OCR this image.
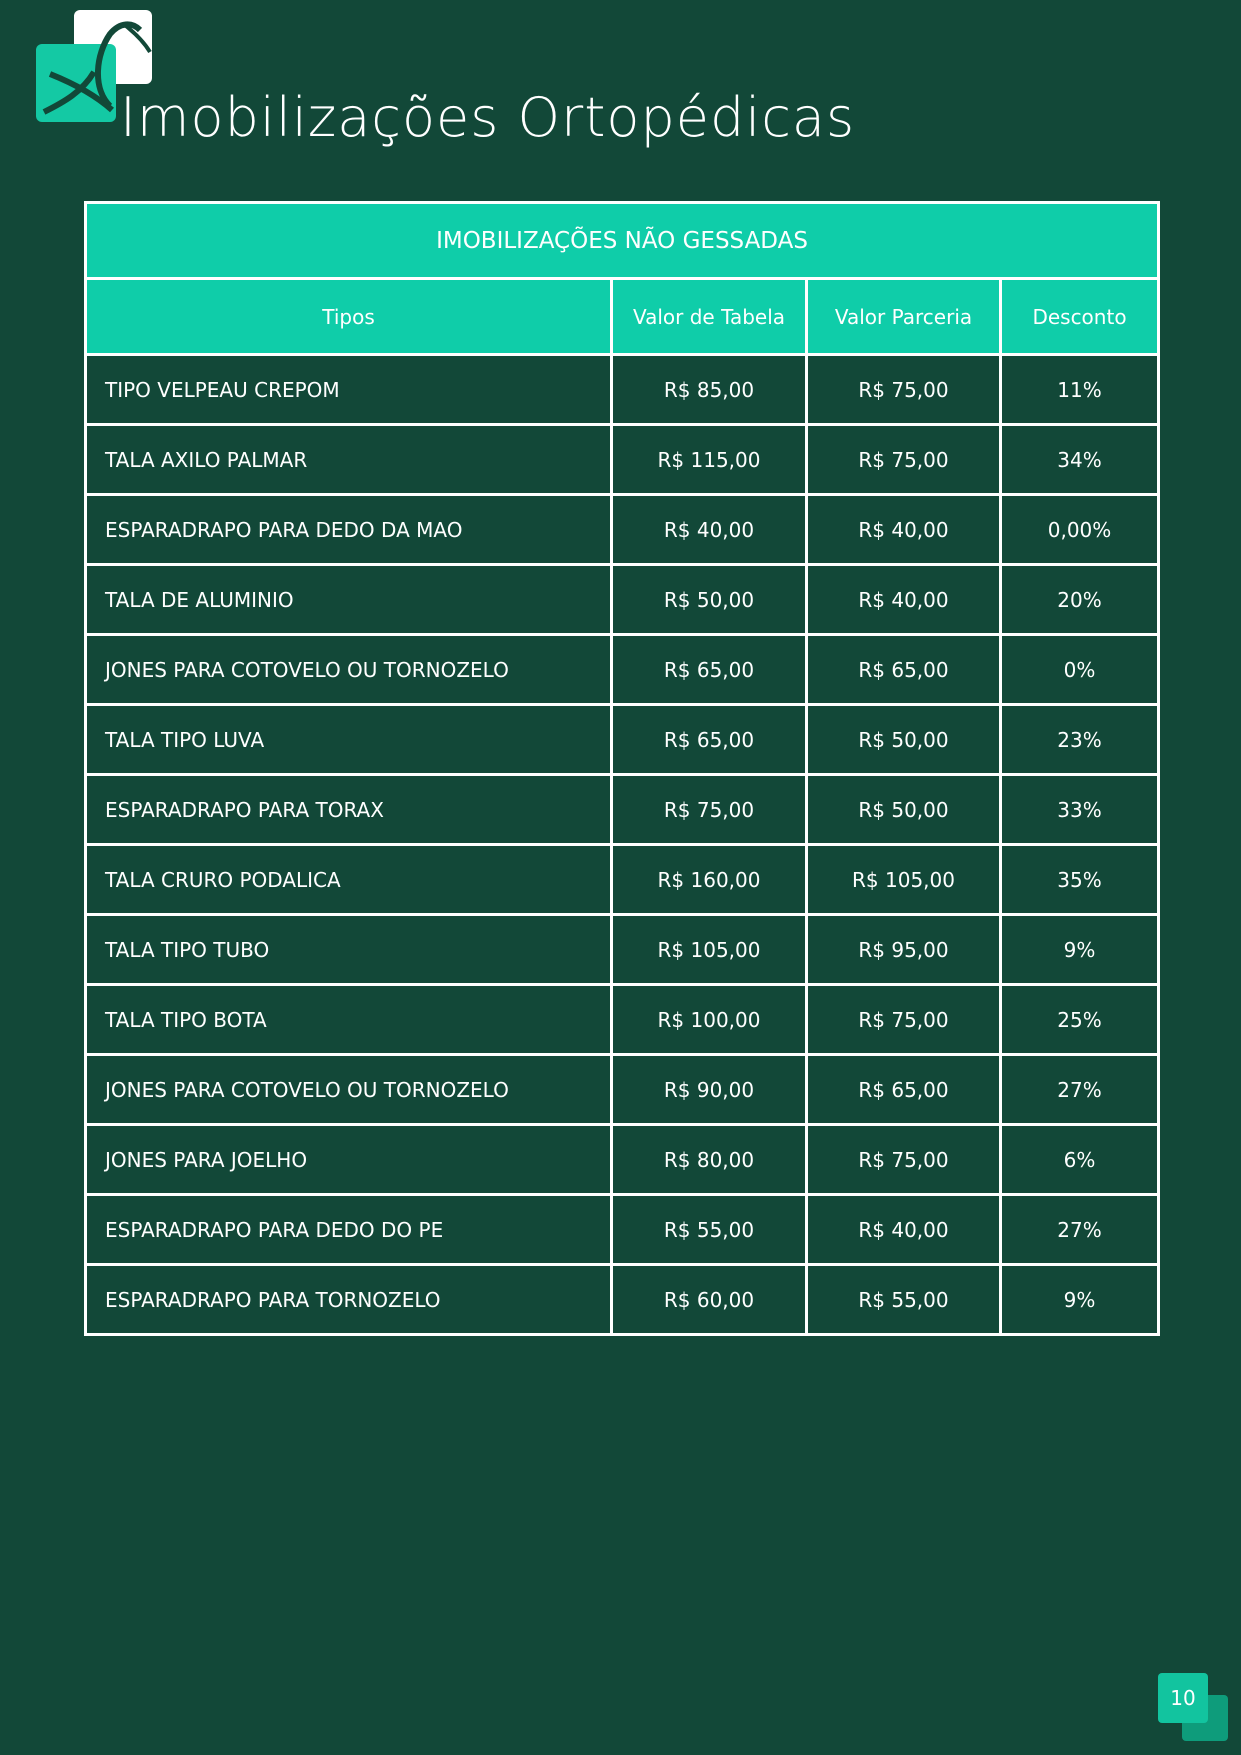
Imobilizações Ortopédicas
IMOBILIZAÇÕES NÃO GESSADAS			
Tipos	Valor de Tabela	Valor Parceria	Desconto
TIPO VELPEAU CREPOM	R$ 85,00	R$ 75,00	11%
TALA AXILO PALMAR	R$ 115,00	R$ 75,00	34%
ESPARADRAPO PARA DEDO DA MAO	R$ 40,00	R$ 40,00	0,00%
TALA DE ALUMINIO	R$ 50,00	R$ 40,00	20%
JONES PARA COTOVELO OU TORNOZELO	R$ 65,00	R$ 65,00	0%
TALA TIPO LUVA	R$ 65,00	R$ 50,00	23%
ESPARADRAPO PARA TORAX	R$ 75,00	R$ 50,00	33%
TALA CRURO PODALICA	R$ 160,00	R$ 105,00	35%
TALA TIPO TUBO	R$ 105,00	R$ 95,00	9%
TALA TIPO BOTA	R$ 100,00	R$ 75,00	25%
JONES PARA COTOVELO OU TORNOZELO	R$ 90,00	R$ 65,00	27%
JONES PARA JOELHO	R$ 80,00	R$ 75,00	6%
ESPARADRAPO PARA DEDO DO PE	R$ 55,00	R$ 40,00	27%
ESPARADRAPO PARA TORNOZELO	R$ 60,00	R$ 55,00	9%
10
